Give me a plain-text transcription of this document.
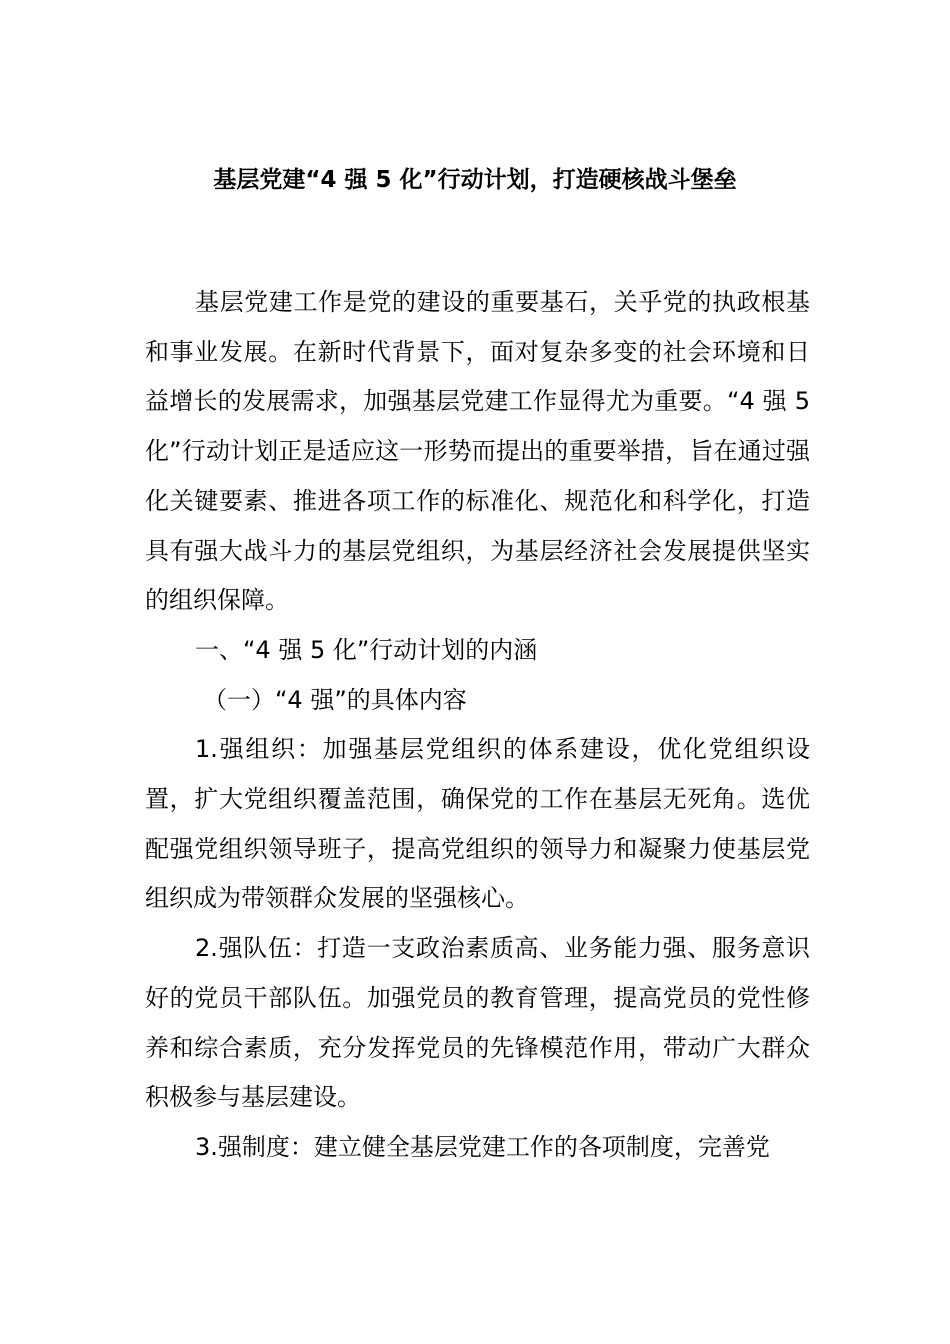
基层党建“4 强 5 化”行动计划，打造硬核战斗堡垒

基层党建工作是党的建设的重要基石，关乎党的执政根基和事业发展。在新时代背景下，面对复杂多变的社会环境和日益增长的发展需求，加强基层党建工作显得尤为重要。“4 强 5 化”行动计划正是适应这一形势而提出的重要举措，旨在通过强化关键要素、推进各项工作的标准化、规范化和科学化，打造具有强大战斗力的基层党组织，为基层经济社会发展提供坚实的组织保障。

一、“4 强 5 化”行动计划的内涵

（一）“4 强”的具体内容

1.强组织：加强基层党组织的体系建设，优化党组织设置，扩大党组织覆盖范围，确保党的工作在基层无死角。选优配强党组织领导班子，提高党组织的领导力和凝聚力使基层党组织成为带领群众发展的坚强核心。

2.强队伍：打造一支政治素质高、业务能力强、服务意识好的党员干部队伍。加强党员的教育管理，提高党员的党性修养和综合素质，充分发挥党员的先锋模范作用，带动广大群众积极参与基层建设。

3.强制度：建立健全基层党建工作的各项制度，完善党
